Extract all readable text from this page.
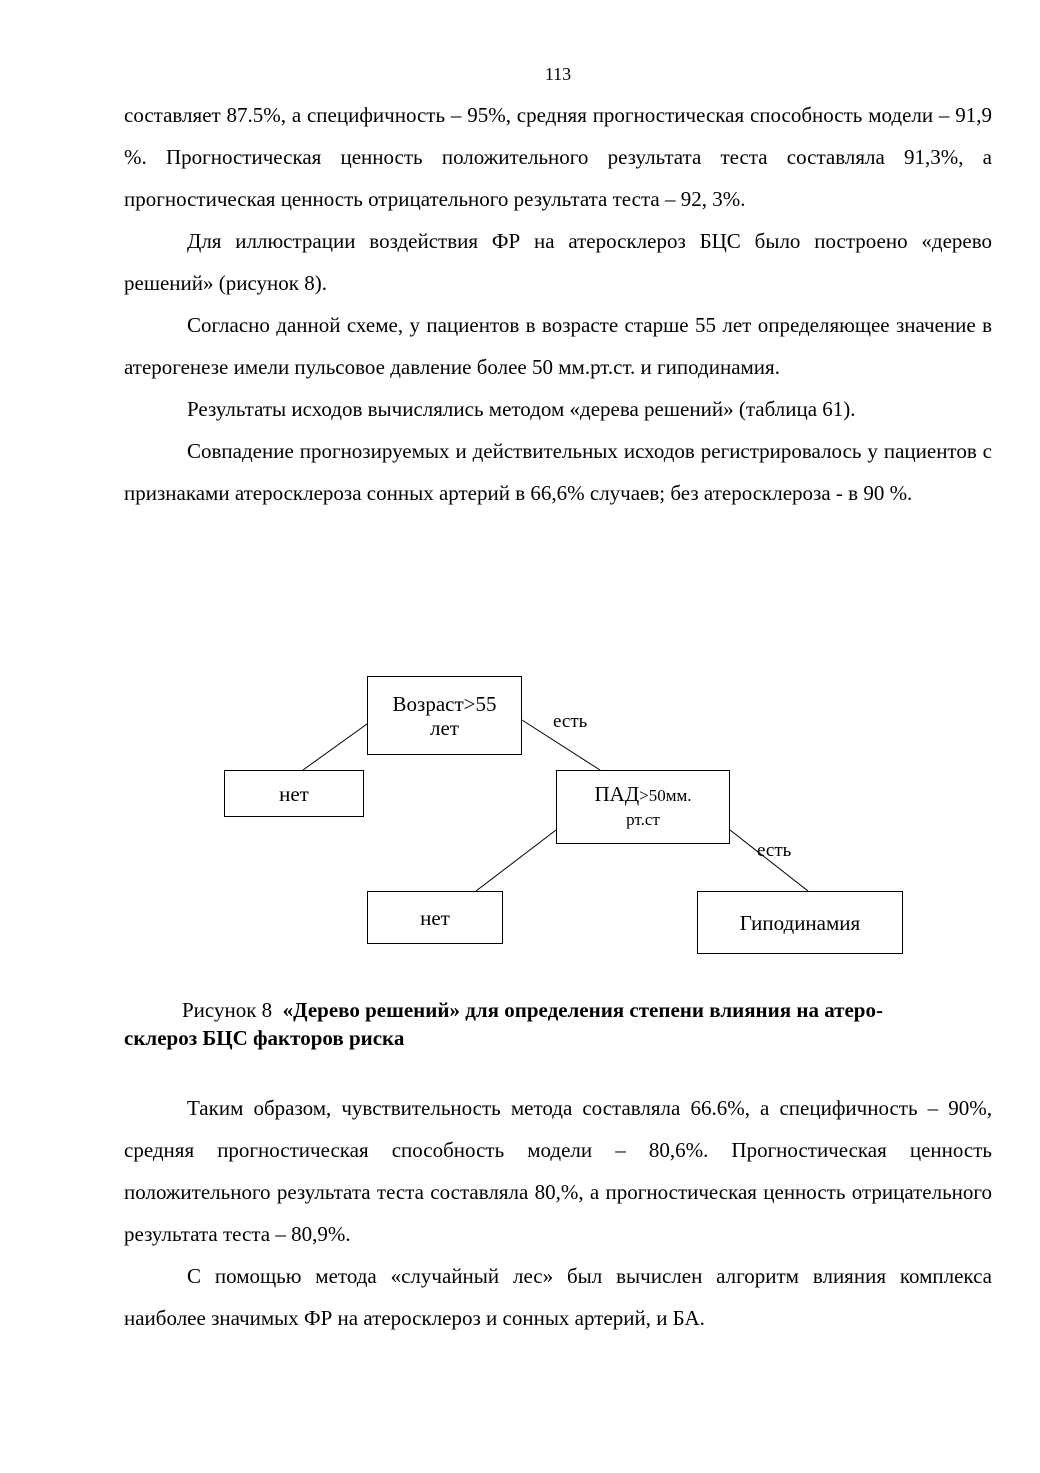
113

составляет 87.5%, а специфичность – 95%, средняя прогностическая способность модели – 91,9 %. Прогностическая ценность положительного результата теста составляла 91,3%, а прогностическая ценность отрицательного результата теста – 92, 3%.

Для иллюстрации воздействия ФР на атеросклероз БЦС было построено «дерево решений» (рисунок 8).

Согласно данной схеме, у пациентов в возрасте старше 55 лет определяющее значение в атерогенезе имели пульсовое давление более 50 мм.рт.ст. и гиподинамия.

Результаты исходов вычислялись методом «дерева решений» (таблица 61).

Совпадение прогнозируемых и действительных исходов регистрировалось у пациентов с признаками атеросклероза сонных артерий в 66,6% случаев; без атеросклероза - в 90 %.

Возраст>55
лет	есть
нет	ПАД>50мм.
рт.ст
есть
нет	Гиподинамия
Рисунок 8 «Дерево решений» для определения степени влияния на атеро-
склероз БЦС факторов риска

Таким образом, чувствительность метода составляла 66.6%, а специфичность – 90%, средняя прогностическая способность модели – 80,6%. Прогностическая ценность положительного результата теста составляла 80,%, а прогностическая ценность отрицательного результата теста – 80,9%.

С помощью метода «случайный лес» был вычислен алгоритм влияния комплекса наиболее значимых ФР на атеросклероз и сонных артерий, и БА.
